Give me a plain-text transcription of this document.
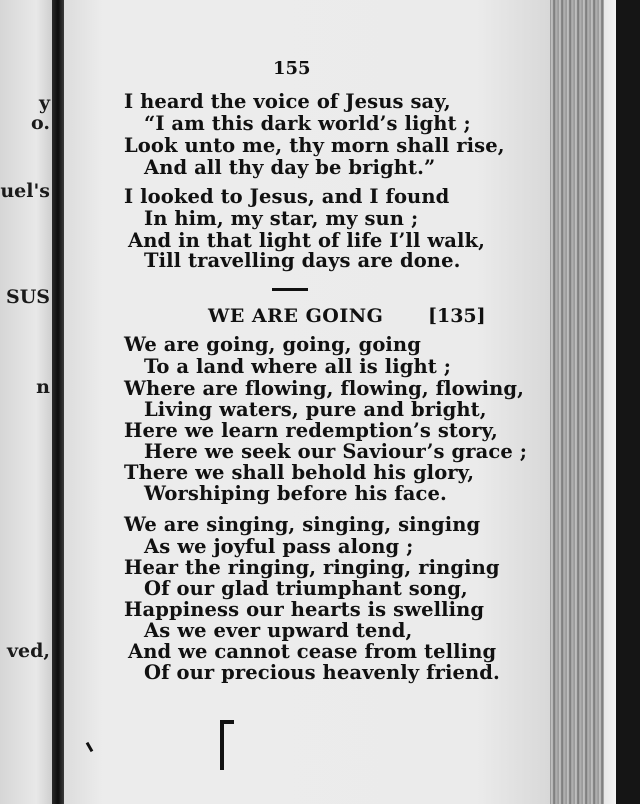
y
o.
uel's
SUS
n
ved,
155
I heard the voice of Jesus say,
“I am this dark world’s light ;
Look unto me, thy morn shall rise,
And all thy day be bright.”
I looked to Jesus, and I found
In him, my star, my sun ;
And in that light of life I’ll walk,
Till travelling days are done.
WE ARE GOING [135]
We are going, going, going
To a land where all is light ;
Where are flowing, flowing, flowing,
Living waters, pure and bright,
Here we learn redemption’s story,
Here we seek our Saviour’s grace ;
There we shall behold his glory,
Worshiping before his face.
We are singing, singing, singing
As we joyful pass along ;
Hear the ringing, ringing, ringing
Of our glad triumphant song,
Happiness our hearts is swelling
As we ever upward tend,
And we cannot cease from telling
Of our precious heavenly friend.
